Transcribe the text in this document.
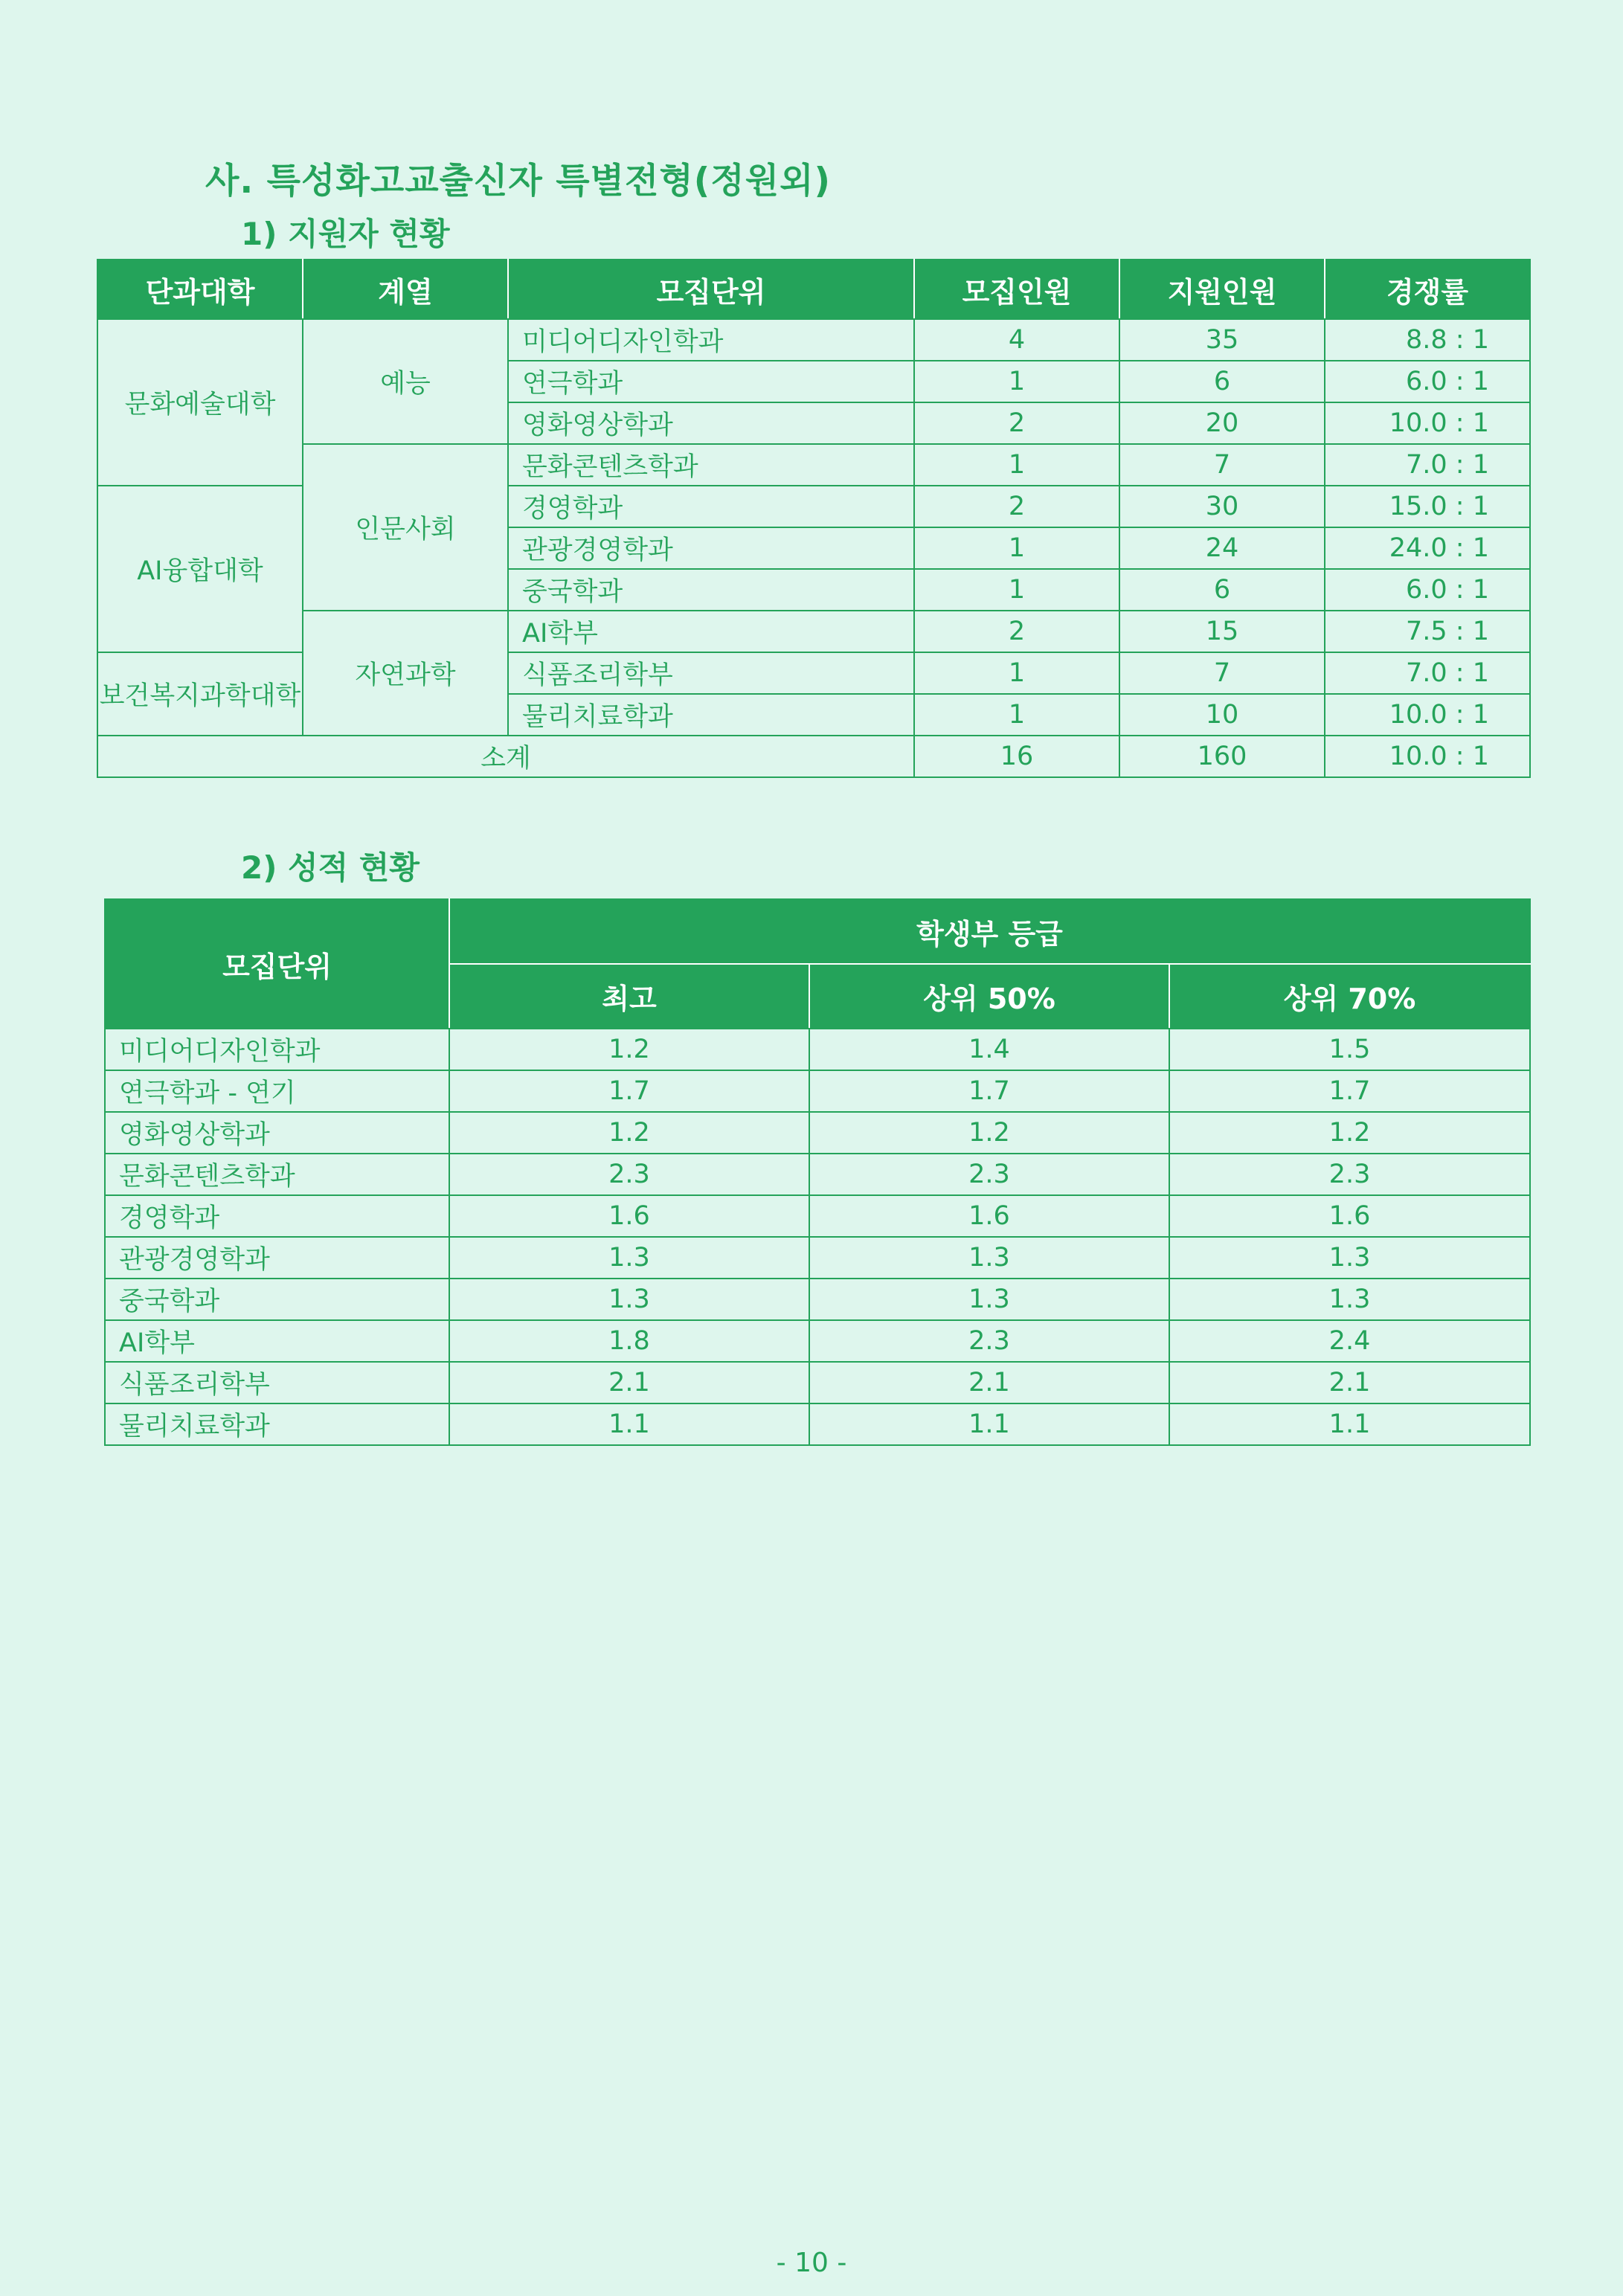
사. 특성화고교출신자 특별전형(정원외)
1) 지원자 현황
단과대학	계열	모집단위	모집인원	지원인원	경쟁률
문화예술대학	예능	미디어디자인학과	4	35	8.8 : 1
		연극학과	1	6	6.0 : 1
		영화영상학과	2	20	10.0 : 1
	인문사회	문화콘텐츠학과	1	7	7.0 : 1
AI융합대학		경영학과	2	30	15.0 : 1
		관광경영학과	1	24	24.0 : 1
		중국학과	1	6	6.0 : 1
	자연과학	AI학부	2	15	7.5 : 1
보건복지과학대학		식품조리학부	1	7	7.0 : 1
		물리치료학과	1	10	10.0 : 1
소계			16	160	10.0 : 1
2) 성적 현황
모집단위	학생부 등급		
	최고	상위 50%	상위 70%
미디어디자인학과	1.2	1.4	1.5
연극학과 - 연기	1.7	1.7	1.7
영화영상학과	1.2	1.2	1.2
문화콘텐츠학과	2.3	2.3	2.3
경영학과	1.6	1.6	1.6
관광경영학과	1.3	1.3	1.3
중국학과	1.3	1.3	1.3
AI학부	1.8	2.3	2.4
식품조리학부	2.1	2.1	2.1
물리치료학과	1.1	1.1	1.1
- 10 -
